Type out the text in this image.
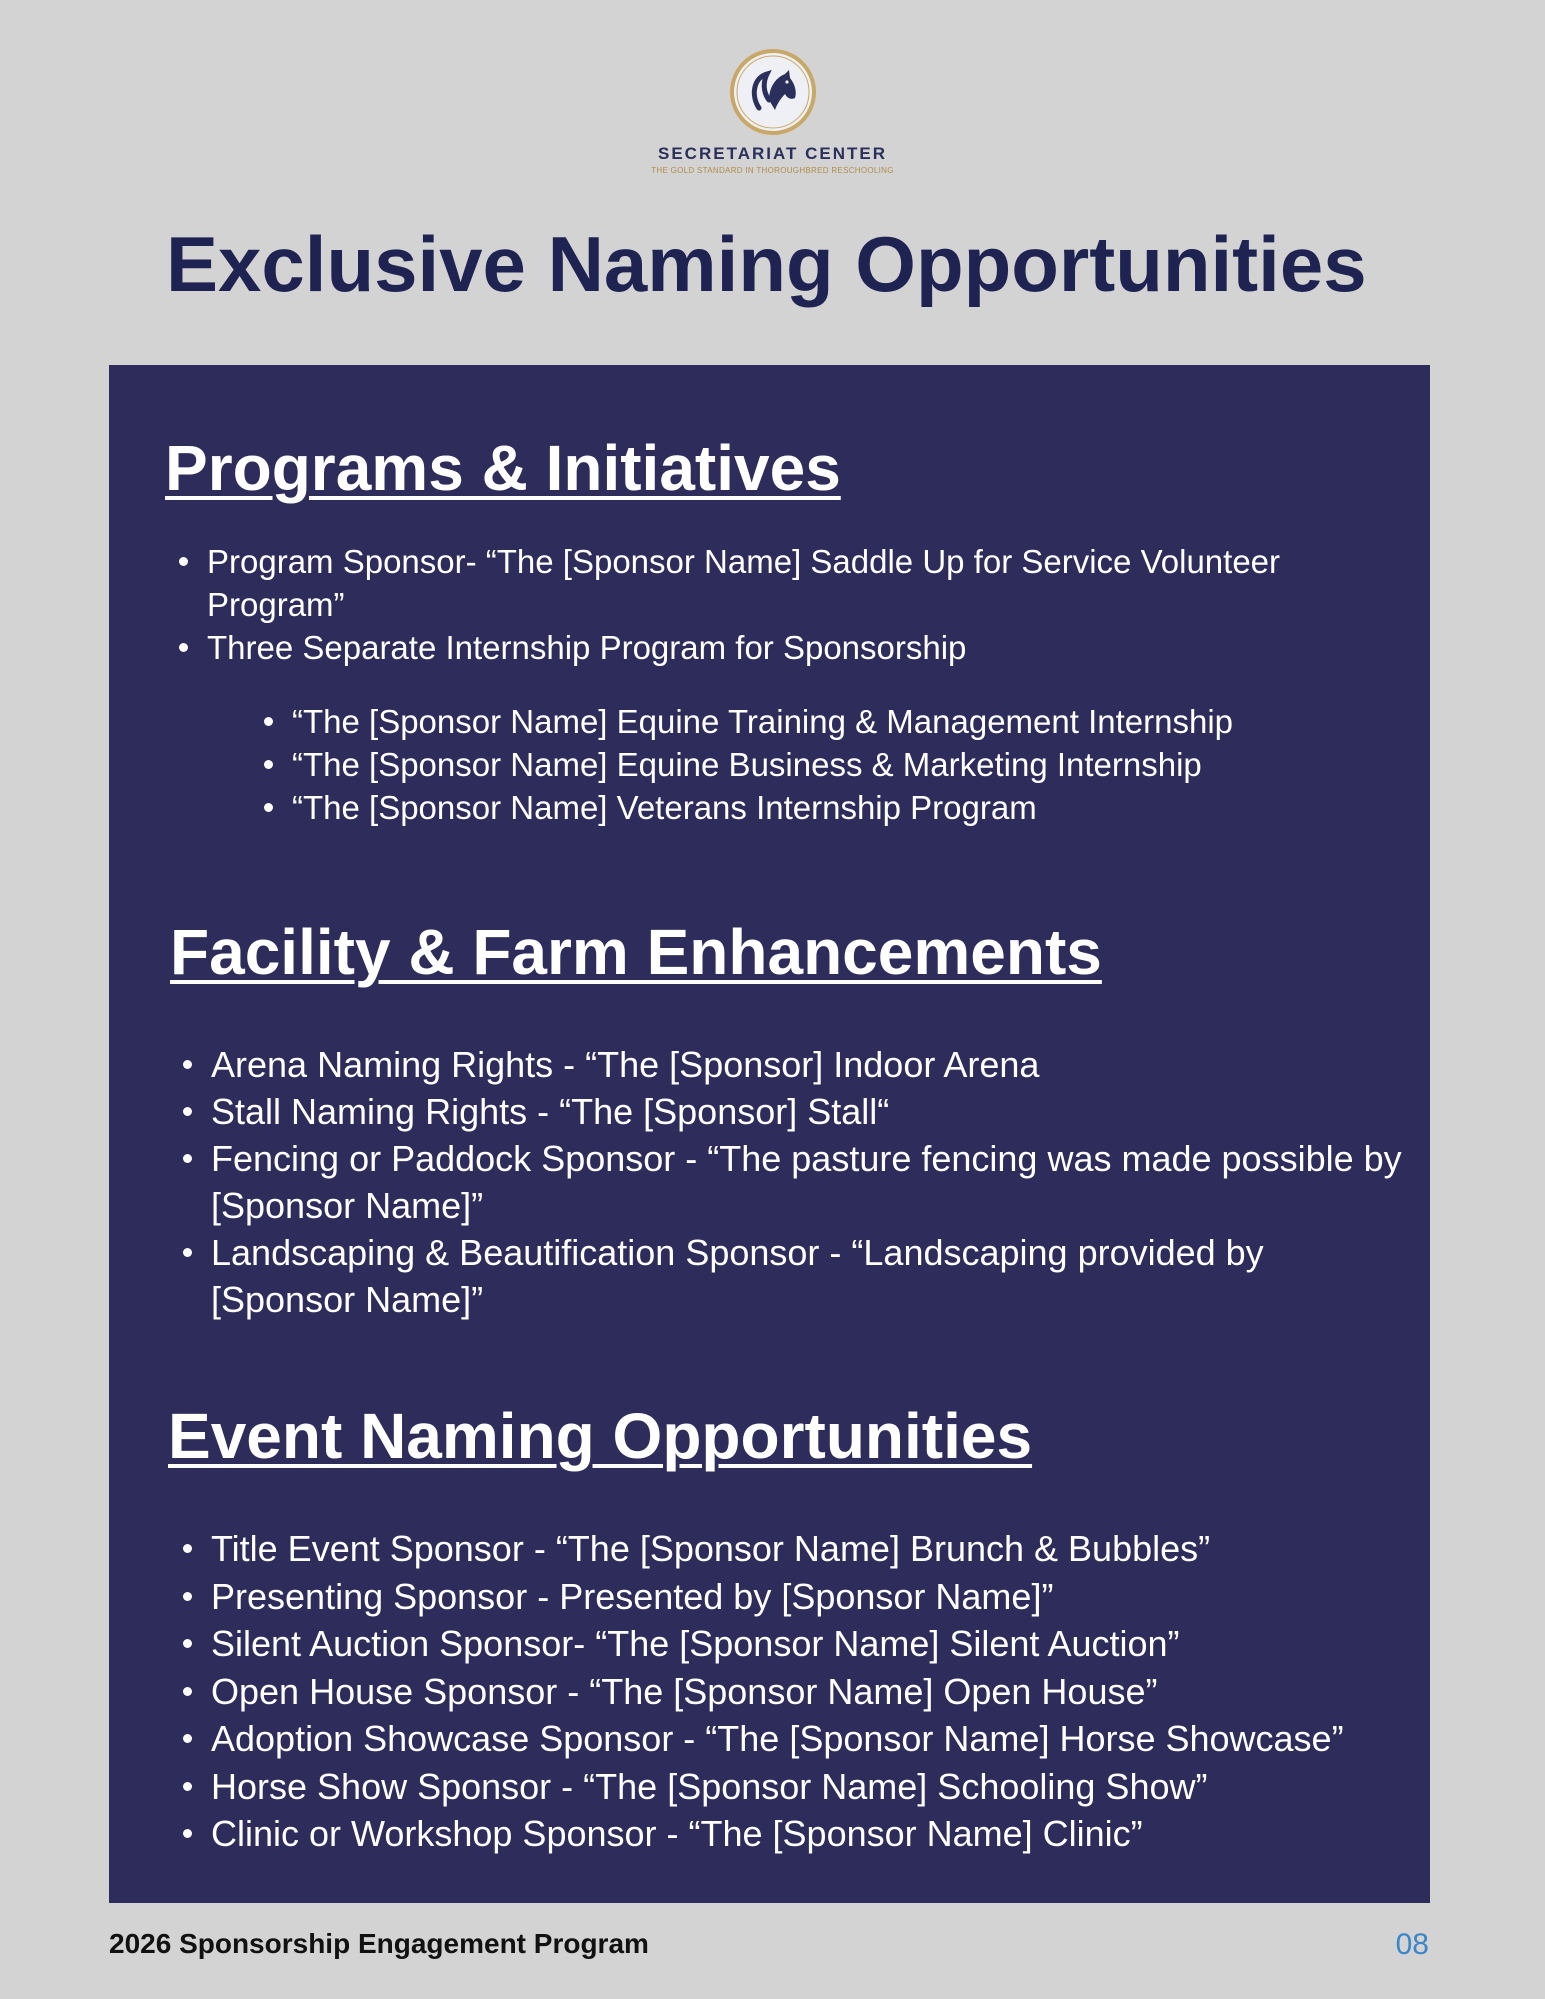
SECRETARIAT CENTER
THE GOLD STANDARD IN THOROUGHBRED RESCHOOLING
Exclusive Naming Opportunities
Programs & Initiatives
Program Sponsor- “The [Sponsor Name] Saddle Up for Service Volunteer Program”
Three Separate Internship Program for Sponsorship
“The [Sponsor Name] Equine Training & Management Internship
“The [Sponsor Name] Equine Business & Marketing Internship
“The [Sponsor Name] Veterans Internship Program
Facility & Farm Enhancements
Arena Naming Rights - “The [Sponsor] Indoor Arena
Stall Naming Rights - “The [Sponsor] Stall“
Fencing or Paddock Sponsor - “The pasture fencing was made possible by [Sponsor Name]”
Landscaping & Beautification Sponsor - “Landscaping provided by [Sponsor Name]”
Event Naming Opportunities
Title Event Sponsor - “The [Sponsor Name] Brunch & Bubbles”
Presenting Sponsor - Presented by [Sponsor Name]”
Silent Auction Sponsor- “The [Sponsor Name] Silent Auction”
Open House Sponsor - “The [Sponsor Name] Open House”
Adoption Showcase Sponsor - “The [Sponsor Name] Horse Showcase”
Horse Show Sponsor - “The [Sponsor Name] Schooling Show”
Clinic or Workshop Sponsor - “The [Sponsor Name] Clinic”
2026 Sponsorship Engagement Program	08
